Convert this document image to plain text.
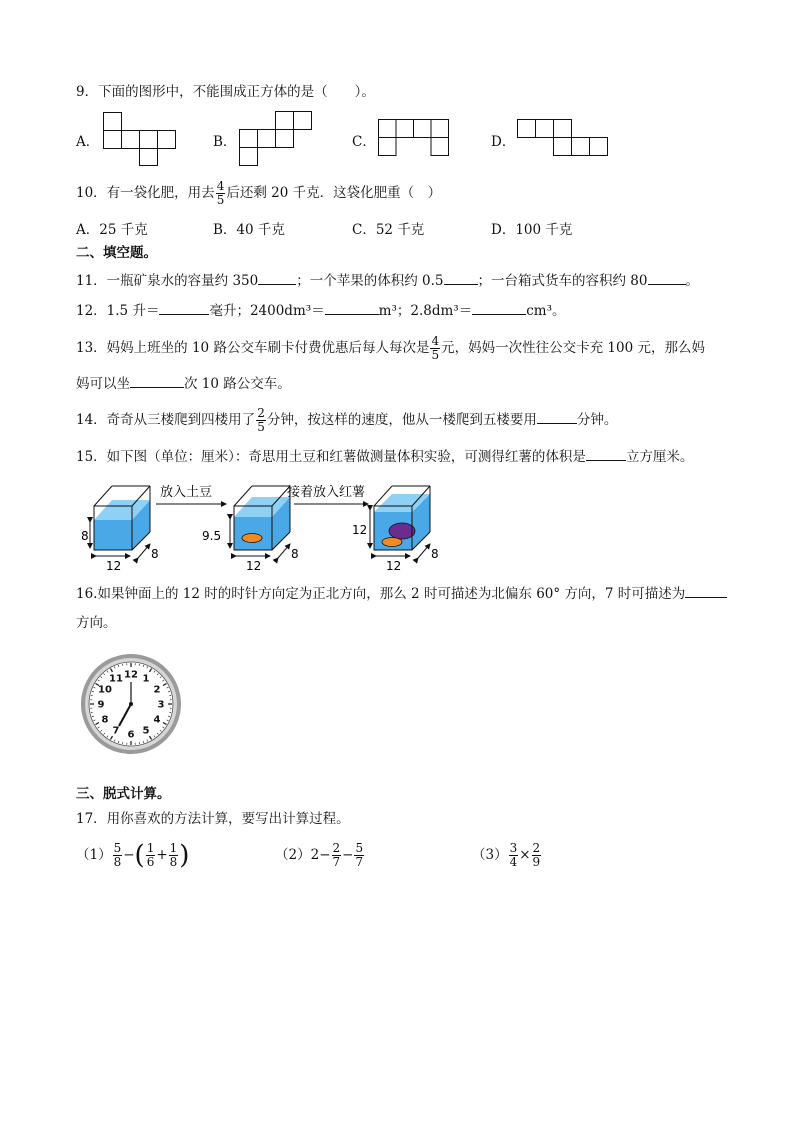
9．下面的图形中，不能围成正方体的是（　　）。
A．	B．	C．	D．
10．有一袋化肥，用去 $\frac{4}{5}$ 后还剩 20 千克．这袋化肥重（　）
A．25 千克	B．40 千克	C．52 千克	D．100 千克
二、填空题。
11．一瓶矿泉水的容量约 350	；一个苹果的体积约 0.5	；一台箱式货车的容积约 80	。
12．1.5 升＝	毫升；2400dm³＝	m³；2.8dm³＝	cm³。
13．妈妈上班坐的 10 路公交车刷卡付费优惠后每人每次是 $\frac{4}{5}$ 元，妈妈一次性往公交卡充 100 元，那么妈
妈可以坐	次 10 路公交车。
14．奇奇从三楼爬到四楼用了 $\frac{2}{5}$ 分钟，按这样的速度，他从一楼爬到五楼要用	分钟。
15．如下图（单位：厘米）：奇思用土豆和红薯做测量体积实验，可测得红薯的体积是	立方厘米。
8
12
8
放入土豆
9.5
12
8
接着放入红薯
12
12
8
16.如果钟面上的 12 时的时针方向定为正北方向，那么 2 时可描述为北偏东 60° 方向，7 时可描述为
方向。
12 1
2
3
4
5
6
7
8
9
10
11
三、脱式计算。
17．用你喜欢的方法计算，要写出计算过程。
$(1) \frac{5}{8}$ −( $\frac{1}{6} + \frac{1}{8}$ )	$(2)2- \frac{2}{7} - \frac{5}{7}$	$(3) \frac{3}{4} \times \frac{2}{9}$
